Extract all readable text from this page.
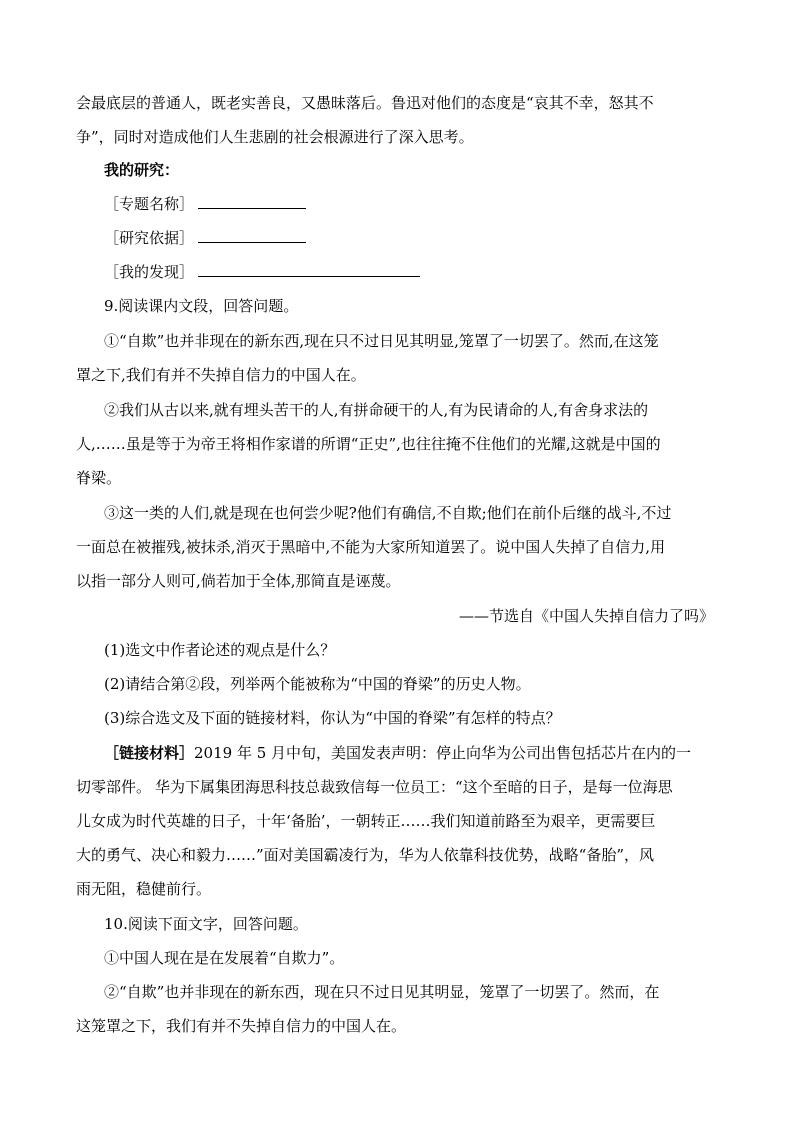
会最底层的普通人，既老实善良，又愚昧落后。鲁迅对他们的态度是“哀其不幸，怒其不
争”，同时对造成他们人生悲剧的社会根源进行了深入思考。
我的研究：
［专题名称］
［研究依据］
［我的发现］
9.阅读课内文段，回答问题。
①“自欺”也并非现在的新东西,现在只不过日见其明显,笼罩了一切罢了。然而,在这笼
罩之下,我们有并不失掉自信力的中国人在。
②我们从古以来,就有埋头苦干的人,有拼命硬干的人,有为民请命的人,有舍身求法的
人,……虽是等于为帝王将相作家谱的所谓“正史”,也往往掩不住他们的光耀,这就是中国的
脊梁。
③这一类的人们,就是现在也何尝少呢?他们有确信,不自欺;他们在前仆后继的战斗,不过
一面总在被摧残,被抹杀,消灭于黑暗中,不能为大家所知道罢了。说中国人失掉了自信力,用
以指一部分人则可,倘若加于全体,那简直是诬蔑。
——节选自《中国人失掉自信力了吗》
(1)选文中作者论述的观点是什么？
(2)请结合第②段，列举两个能被称为“中国的脊梁”的历史人物。
(3)综合选文及下面的链接材料，你认为“中国的脊梁”有怎样的特点？
［链接材料］2019 年 5 月中旬，美国发表声明：停止向华为公司出售包括芯片在内的一
切零部件。 华为下属集团海思科技总裁致信每一位员工：“这个至暗的日子，是每一位海思
儿女成为时代英雄的日子，十年‘备胎’，一朝转正……我们知道前路至为艰辛，更需要巨
大的勇气、决心和毅力……”面对美国霸凌行为，华为人依靠科技优势，战略“备胎”，风
雨无阻，稳健前行。
10.阅读下面文字，回答问题。
①中国人现在是在发展着“自欺力”。
②“自欺”也并非现在的新东西，现在只不过日见其明显，笼罩了一切罢了。然而，在
这笼罩之下，我们有并不失掉自信力的中国人在。
